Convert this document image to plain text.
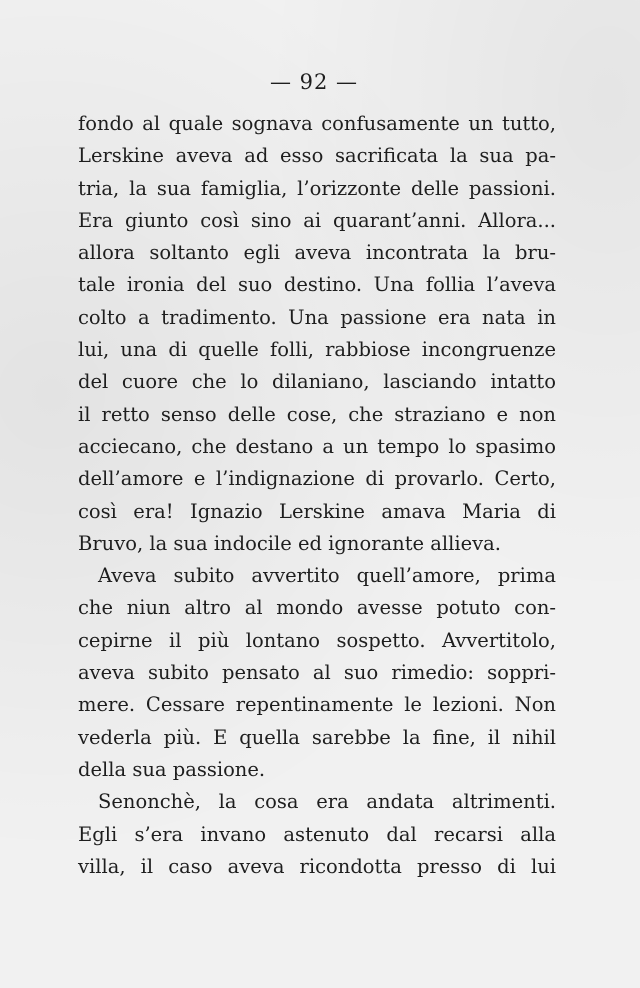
— 92 —
fondo al quale sognava confusamente un tutto,
Lerskine aveva ad esso sacrificata la sua pa-
tria, la sua famiglia, l’orizzonte delle passioni.
Era giunto così sino ai quarant’anni. Allora...
allora soltanto egli aveva incontrata la bru-
tale ironia del suo destino. Una follia l’aveva
colto a tradimento. Una passione era nata in
lui, una di quelle folli, rabbiose incongruenze
del cuore che lo dilaniano, lasciando intatto
il retto senso delle cose, che straziano e non
acciecano, che destano a un tempo lo spasimo
dell’amore e l’indignazione di provarlo. Certo,
così era! Ignazio Lerskine amava Maria di
Bruvo, la sua indocile ed ignorante allieva.
Aveva subito avvertito quell’amore, prima
che niun altro al mondo avesse potuto con-
cepirne il più lontano sospetto. Avvertitolo,
aveva subito pensato al suo rimedio: soppri-
mere. Cessare repentinamente le lezioni. Non
vederla più. E quella sarebbe la fine, il nihil
della sua passione.
Senonchè, la cosa era andata altrimenti.
Egli s’era invano astenuto dal recarsi alla
villa, il caso aveva ricondotta presso di lui
